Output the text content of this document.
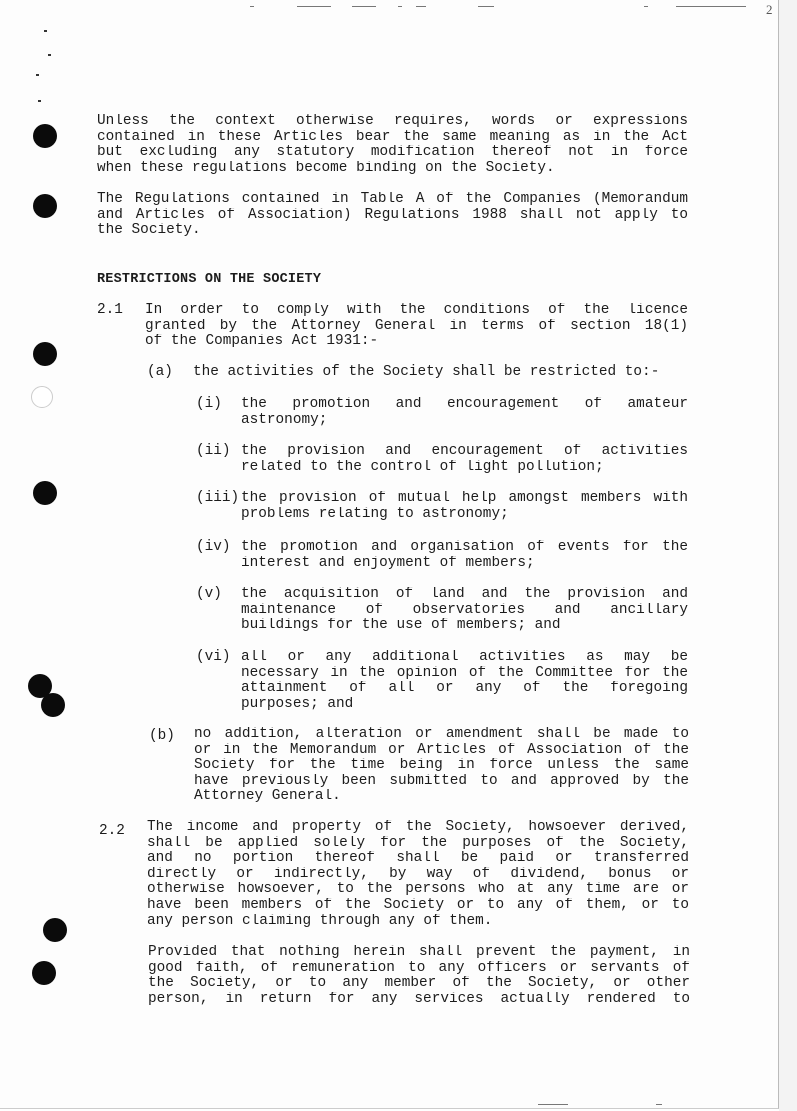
2
Unless the context otherwise requires, words or expressions
contained in these Articles bear the same meaning as in the Act
but excluding any statutory modification thereof not in force
when these regulations become binding on the Society.
The Regulations contained in Table A of the Companies (Memorandum
and Articles of Association) Regulations 1988 shall not apply to
the Society.
RESTRICTIONS ON THE SOCIETY
2.1 In order to comply with the conditions of the licence
granted by the Attorney General in terms of section 18(1)
of the Companies Act 1931:-
(a) the activities of the Society shall be restricted to:-
(i) the promotion and encouragement of amateur
astronomy;
(ii) the provision and encouragement of activities
related to the control of light pollution;
(iii) the provision of mutual help amongst members with
problems relating to astronomy;
(iv) the promotion and organisation of events for the
interest and enjoyment of members;
(v) the acquisition of land and the provision and
maintenance of observatories and ancillary
buildings for the use of members; and
(vi) all or any additional activities as may be
necessary in the opinion of the Committee for the
attainment of all or any of the foregoing
purposes; and
(b) no addition, alteration or amendment shall be made to
or in the Memorandum or Articles of Association of the
Society for the time being in force unless the same
have previously been submitted to and approved by the
Attorney General.
2.2 The income and property of the Society, howsoever derived,
shall be applied solely for the purposes of the Society,
and no portion thereof shall be paid or transferred
directly or indirectly, by way of dividend, bonus or
otherwise howsoever, to the persons who at any time are or
have been members of the Society or to any of them, or to
any person claiming through any of them.
Provided that nothing herein shall prevent the payment, in
good faith, of remuneration to any officers or servants of
the Society, or to any member of the Society, or other
person, in return for any services actually rendered to
